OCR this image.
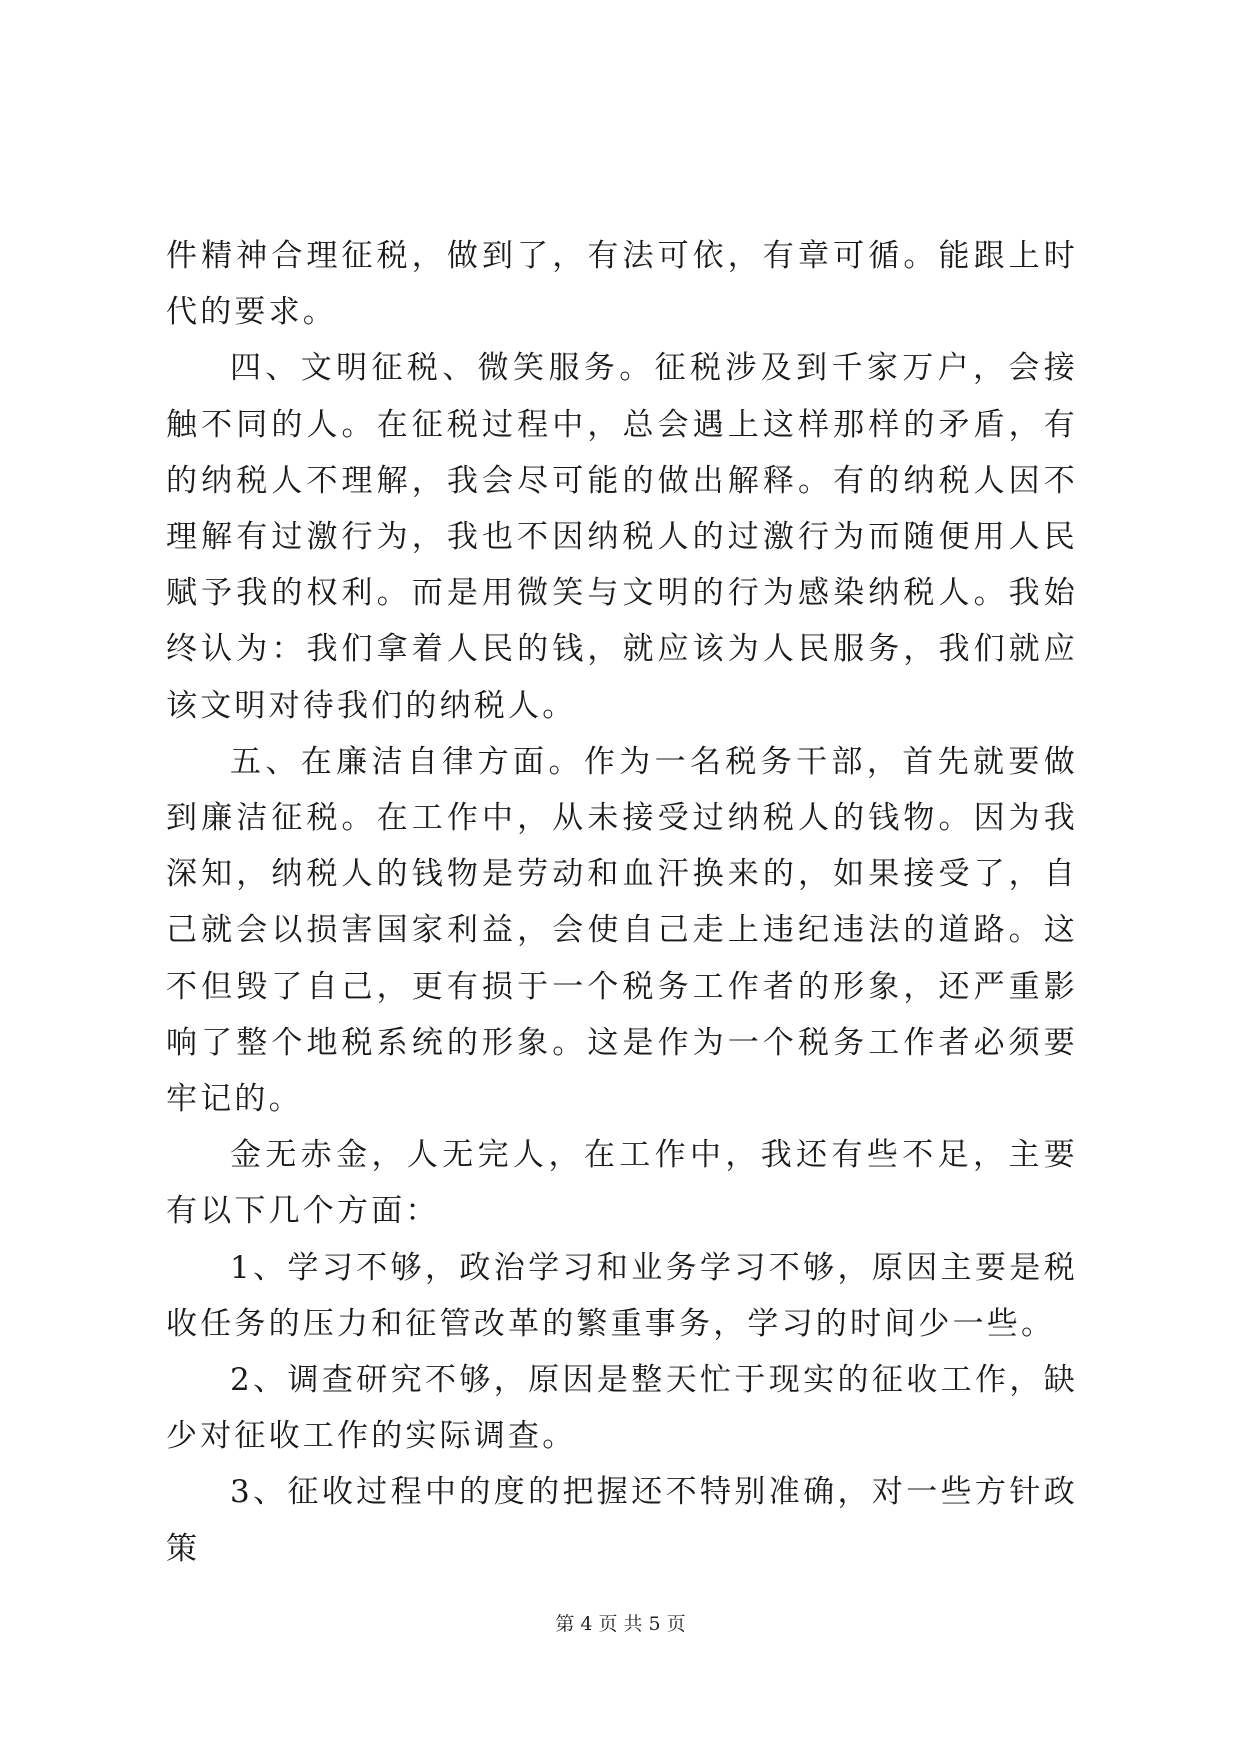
件精神合理征税，做到了，有法可依，有章可循。能跟上时代的要求。

四、文明征税、微笑服务。征税涉及到千家万户，会接触不同的人。在征税过程中，总会遇上这样那样的矛盾，有的纳税人不理解，我会尽可能的做出解释。有的纳税人因不理解有过激行为，我也不因纳税人的过激行为而随便用人民赋予我的权利。而是用微笑与文明的行为感染纳税人。我始终认为：我们拿着人民的钱，就应该为人民服务，我们就应该文明对待我们的纳税人。

五、在廉洁自律方面。作为一名税务干部，首先就要做到廉洁征税。在工作中，从未接受过纳税人的钱物。因为我深知，纳税人的钱物是劳动和血汗换来的，如果接受了，自己就会以损害国家利益，会使自己走上违纪违法的道路。这不但毁了自己，更有损于一个税务工作者的形象，还严重影响了整个地税系统的形象。这是作为一个税务工作者必须要牢记的。

金无赤金，人无完人，在工作中，我还有些不足，主要有以下几个方面：

1、学习不够，政治学习和业务学习不够，原因主要是税收任务的压力和征管改革的繁重事务，学习的时间少一些。

2、调查研究不够，原因是整天忙于现实的征收工作，缺少对征收工作的实际调查。

3、征收过程中的度的把握还不特别准确，对一些方针政策

第 4 页 共 5 页
